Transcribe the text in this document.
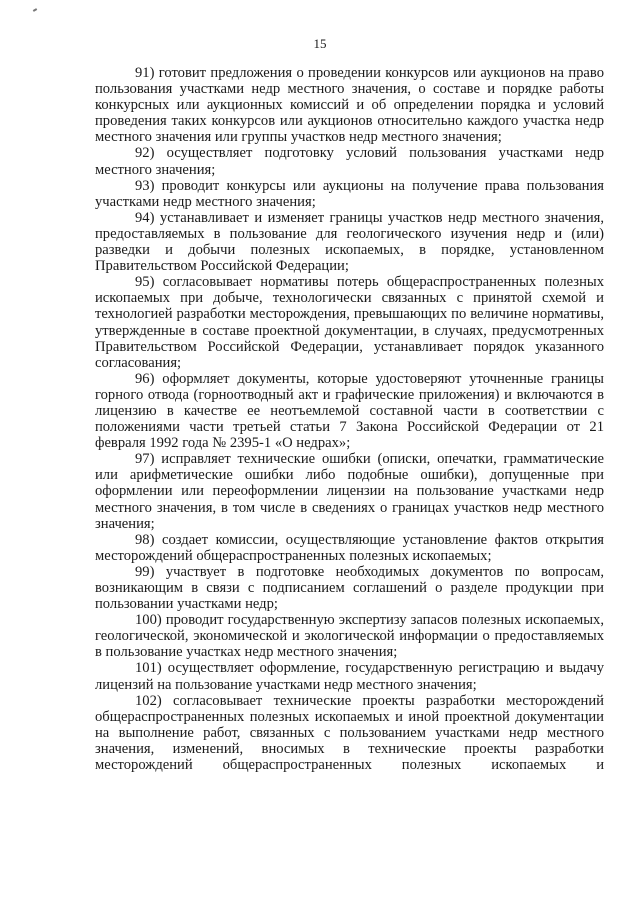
15

91) готовит предложения о проведении конкурсов или аукционов на право пользования участками недр местного значения, о составе и порядке работы конкурсных или аукционных комиссий и об определении порядка и условий проведения таких конкурсов или аукционов относительно каждого участка недр местного значения или группы участков недр местного значения;

92) осуществляет подготовку условий пользования участками недр местного значения;

93) проводит конкурсы или аукционы на получение права пользования участками недр местного значения;

94) устанавливает и изменяет границы участков недр местного значения, предоставляемых в пользование для геологического изучения недр и (или) разведки и добычи полезных ископаемых, в порядке, установленном Правительством Российской Федерации;

95) согласовывает нормативы потерь общераспространенных полезных ископаемых при добыче, технологически связанных с принятой схемой и технологией разработки месторождения, превышающих по величине нормативы, утвержденные в составе проектной документации, в случаях, предусмотренных Правительством Российской Федерации, устанавливает порядок указанного согласования;

96) оформляет документы, которые удостоверяют уточненные границы горного отвода (горноотводный акт и графические приложения) и включаются в лицензию в качестве ее неотъемлемой составной части в соответствии с положениями части третьей статьи 7 Закона Российской Федерации от 21 февраля 1992 года № 2395-1 «О недрах»;

97) исправляет технические ошибки (описки, опечатки, грамматические или арифметические ошибки либо подобные ошибки), допущенные при оформлении или переоформлении лицензии на пользование участками недр местного значения, в том числе в сведениях о границах участков недр местного значения;

98) создает комиссии, осуществляющие установление фактов открытия месторождений общераспространенных полезных ископаемых;

99) участвует в подготовке необходимых документов по вопросам, возникающим в связи с подписанием соглашений о разделе продукции при пользовании участками недр;

100) проводит государственную экспертизу запасов полезных ископаемых, геологической, экономической и экологической информации о предоставляемых в пользование участках недр местного значения;

101) осуществляет оформление, государственную регистрацию и выдачу лицензий на пользование участками недр местного значения;

102) согласовывает технические проекты разработки месторождений общераспространенных полезных ископаемых и иной проектной документации на выполнение работ, связанных с пользованием участками недр местного значения, изменений, вносимых в технические проекты разработки месторождений общераспространенных полезных ископаемых и
